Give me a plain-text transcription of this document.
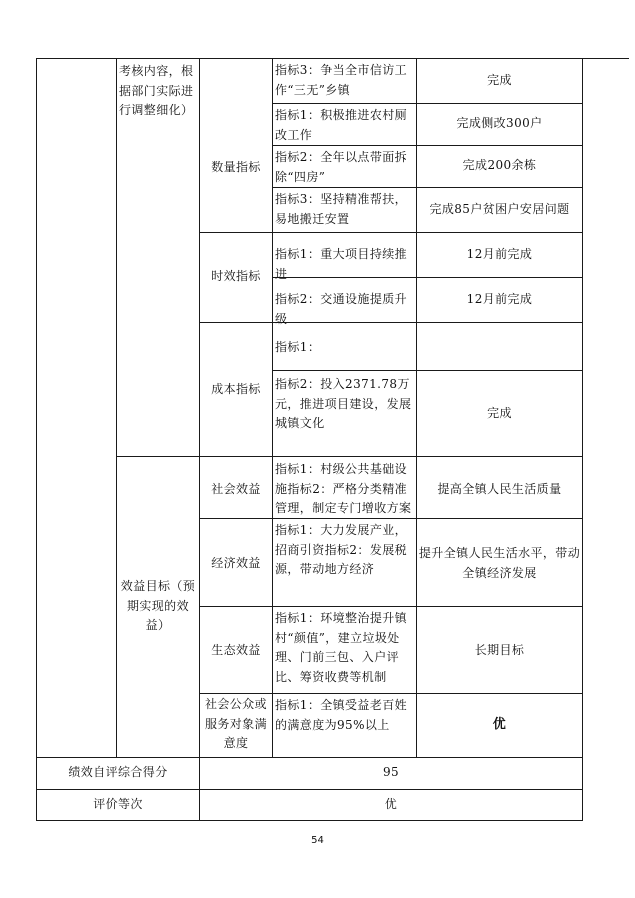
考核内容，根据部门实际进行调整细化）
效益目标（预期实现的效益）
数量指标
时效指标
成本指标
社会效益
经济效益
生态效益
社会公众或服务对象满意度
指标3：争当全市信访工作“三无”乡镇
指标1：积极推进农村厕改工作
指标2：全年以点带面拆除“四房”
指标3：坚持精准帮扶，易地搬迁安置
指标1：重大项目持续推进
指标2：交通设施提质升级
指标1：
指标2：投入2371.78万元，推进项目建设，发展城镇文化
指标1：村级公共基础设施指标2：严格分类精准管理，制定专门增收方案
指标1：大力发展产业，招商引资指标2：发展税源，带动地方经济
指标1：环境整治提升镇村“颜值”，建立垃圾处理、门前三包、入户评比、筹资收费等机制
指标1：全镇受益老百姓的满意度为95%以上
完成
完成侧改300户
完成200余栋
完成85户贫困户安居问题
12月前完成
12月前完成
完成
提高全镇人民生活质量
提升全镇人民生活水平，带动全镇经济发展
长期目标
优
绩效自评综合得分	95
评价等次	优
54
